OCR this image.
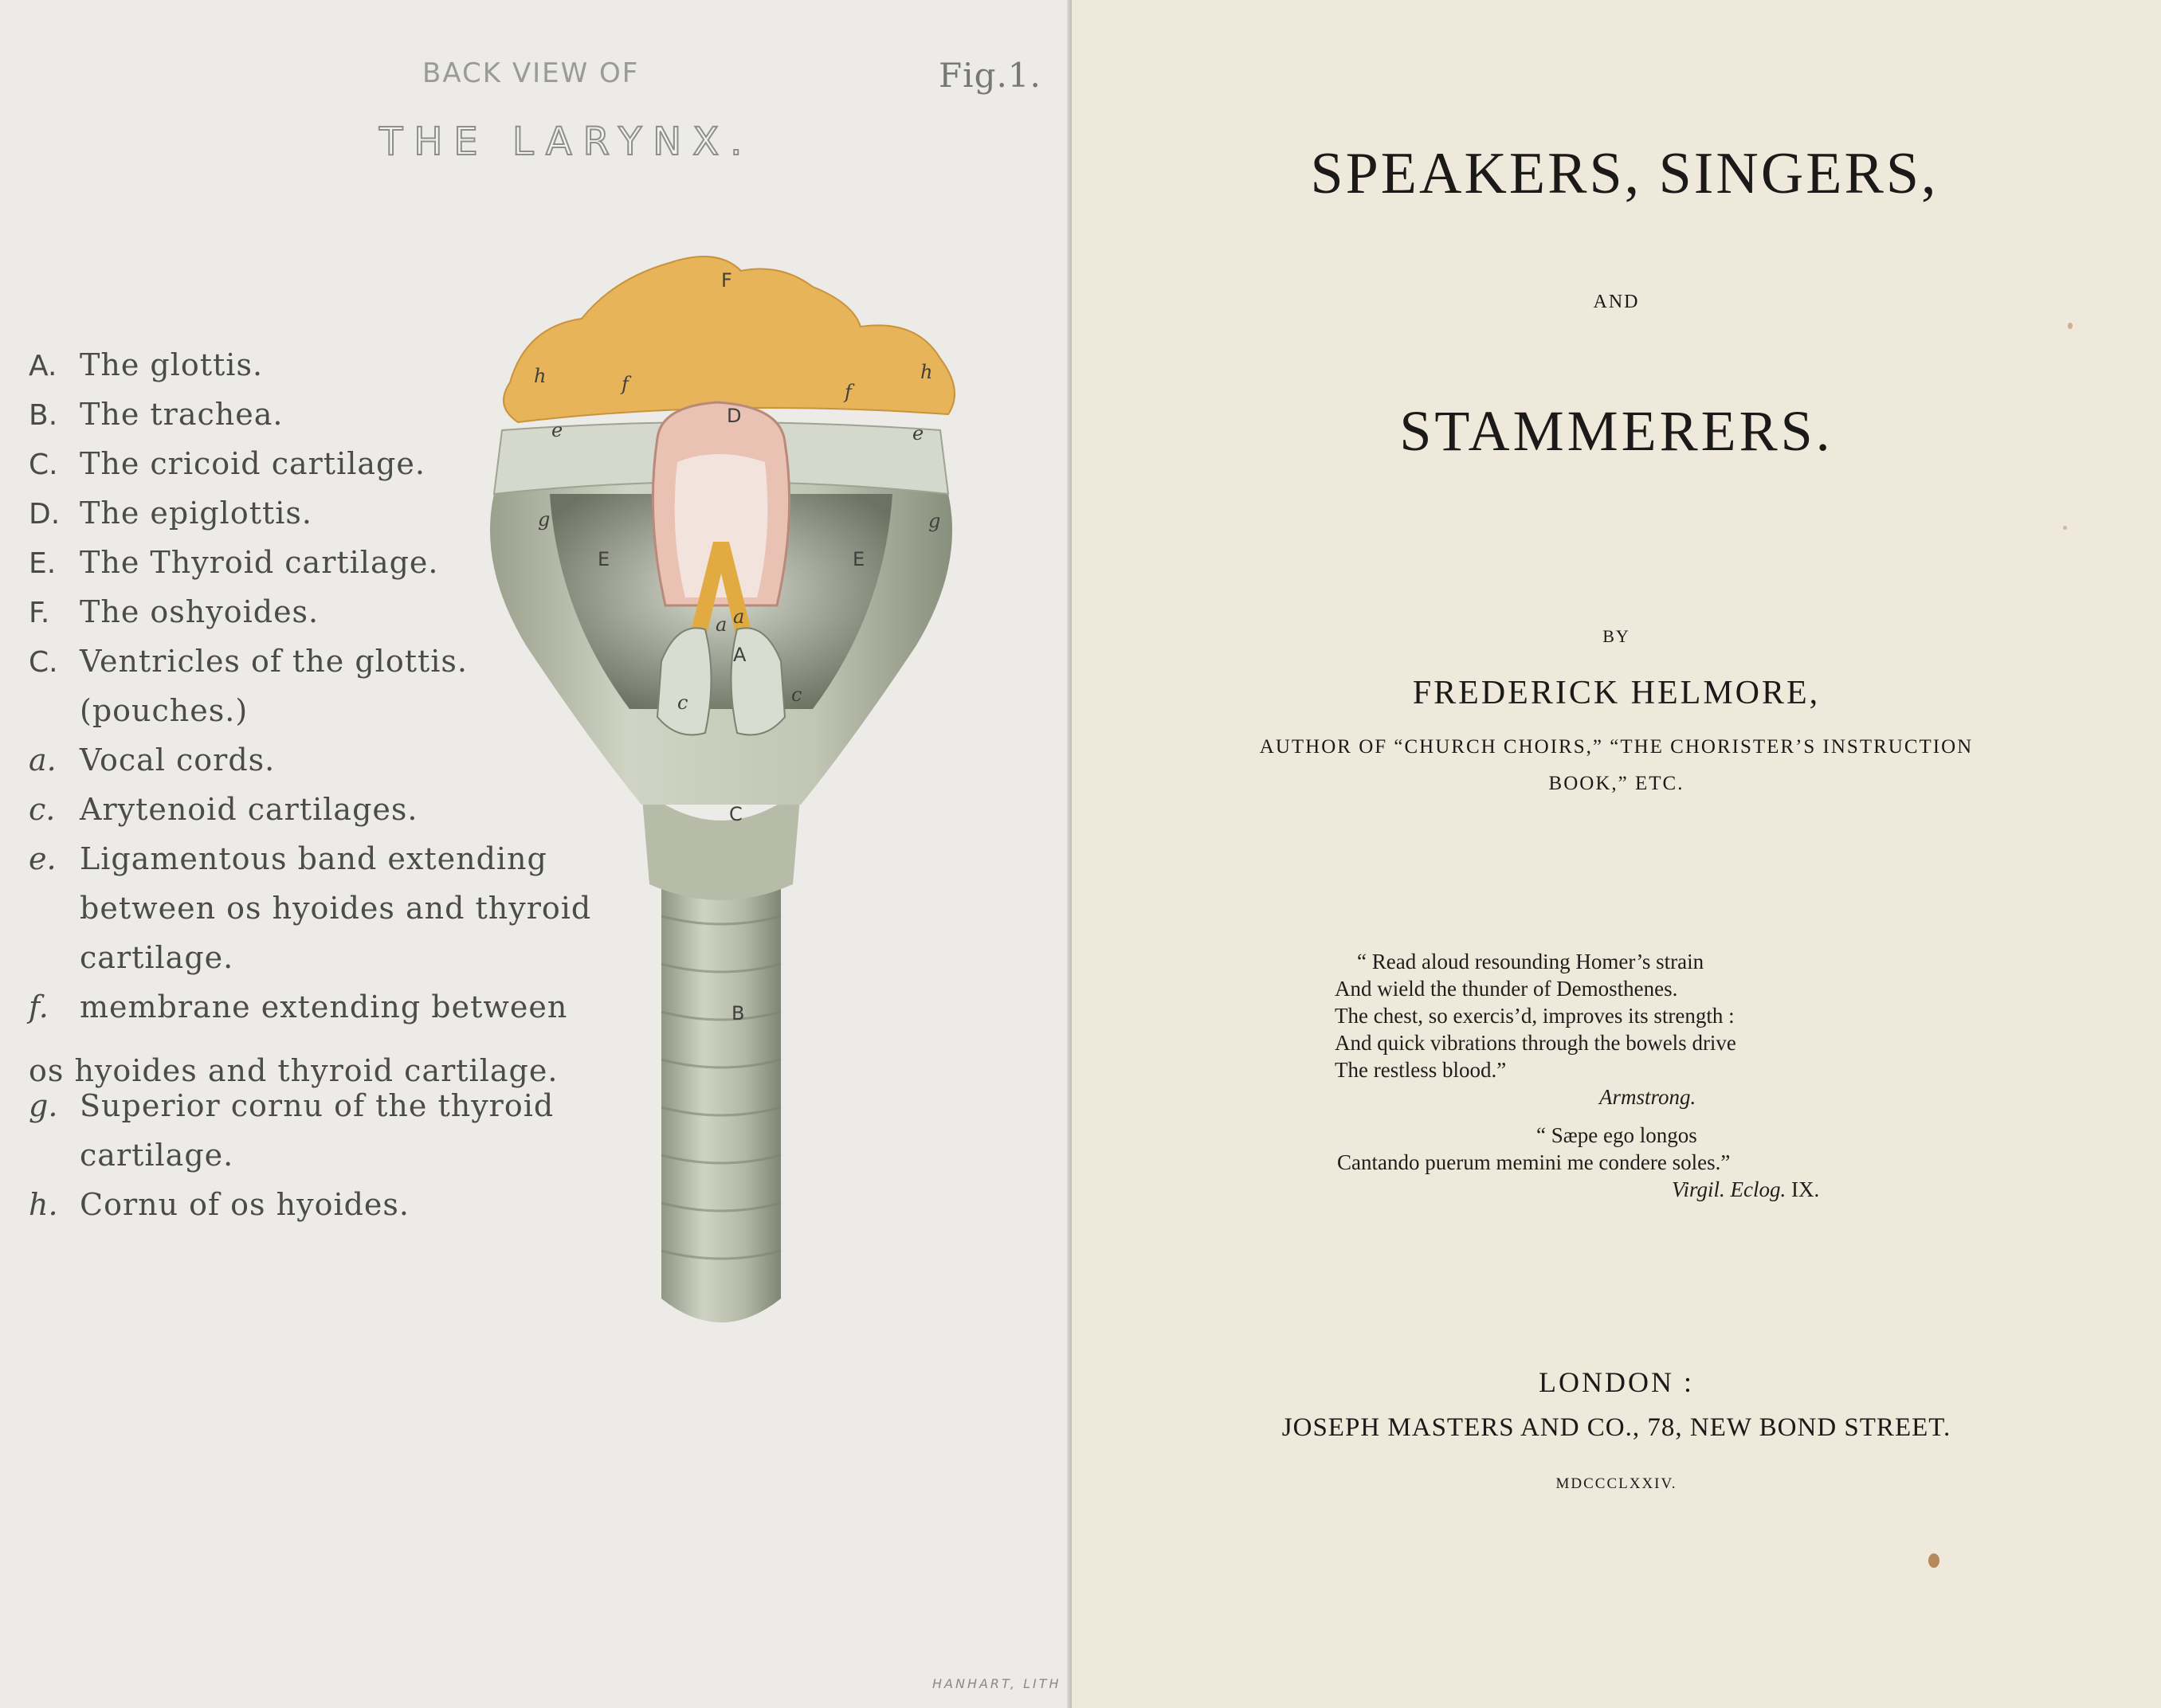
BACK VIEW OF
THE LARYNX.
Fig.1.
A. The glottis.
B. The trachea.
C. The cricoid cartilage.
D. The epiglottis.
E. The Thyroid cartilage.
F. The oshyoides.
C. Ventricles of the glottis.
(pouches.)
a. Vocal cords.
c. Arytenoid cartilages.
e. Ligamentous band extending
between os hyoides and thyroid
cartilage.
f. membrane extending between
os hyoides and thyroid cartilage.
g. Superior cornu of the thyroid
cartilage.
h. Cornu of os hyoides.
F
h	h
f	f
e	e
D
g	g
E	E
a a
A
c	c
C
B
HANHART, LITH
SPEAKERS, SINGERS,
AND
STAMMERERS.
BY
FREDERICK HELMORE,
AUTHOR OF “CHURCH CHOIRS,” “THE CHORISTER’S INSTRUCTION
BOOK,” ETC.
“ Read aloud resounding Homer’s strain
And wield the thunder of Demosthenes.
The chest, so exercis’d, improves its strength :
And quick vibrations through the bowels drive
The restless blood.”
Armstrong.
“ Sæpe ego longos
Cantando puerum memini me condere soles.”
Virgil. Eclog. IX.
LONDON :
JOSEPH MASTERS AND CO., 78, NEW BOND STREET.
MDCCCLXXIV.
